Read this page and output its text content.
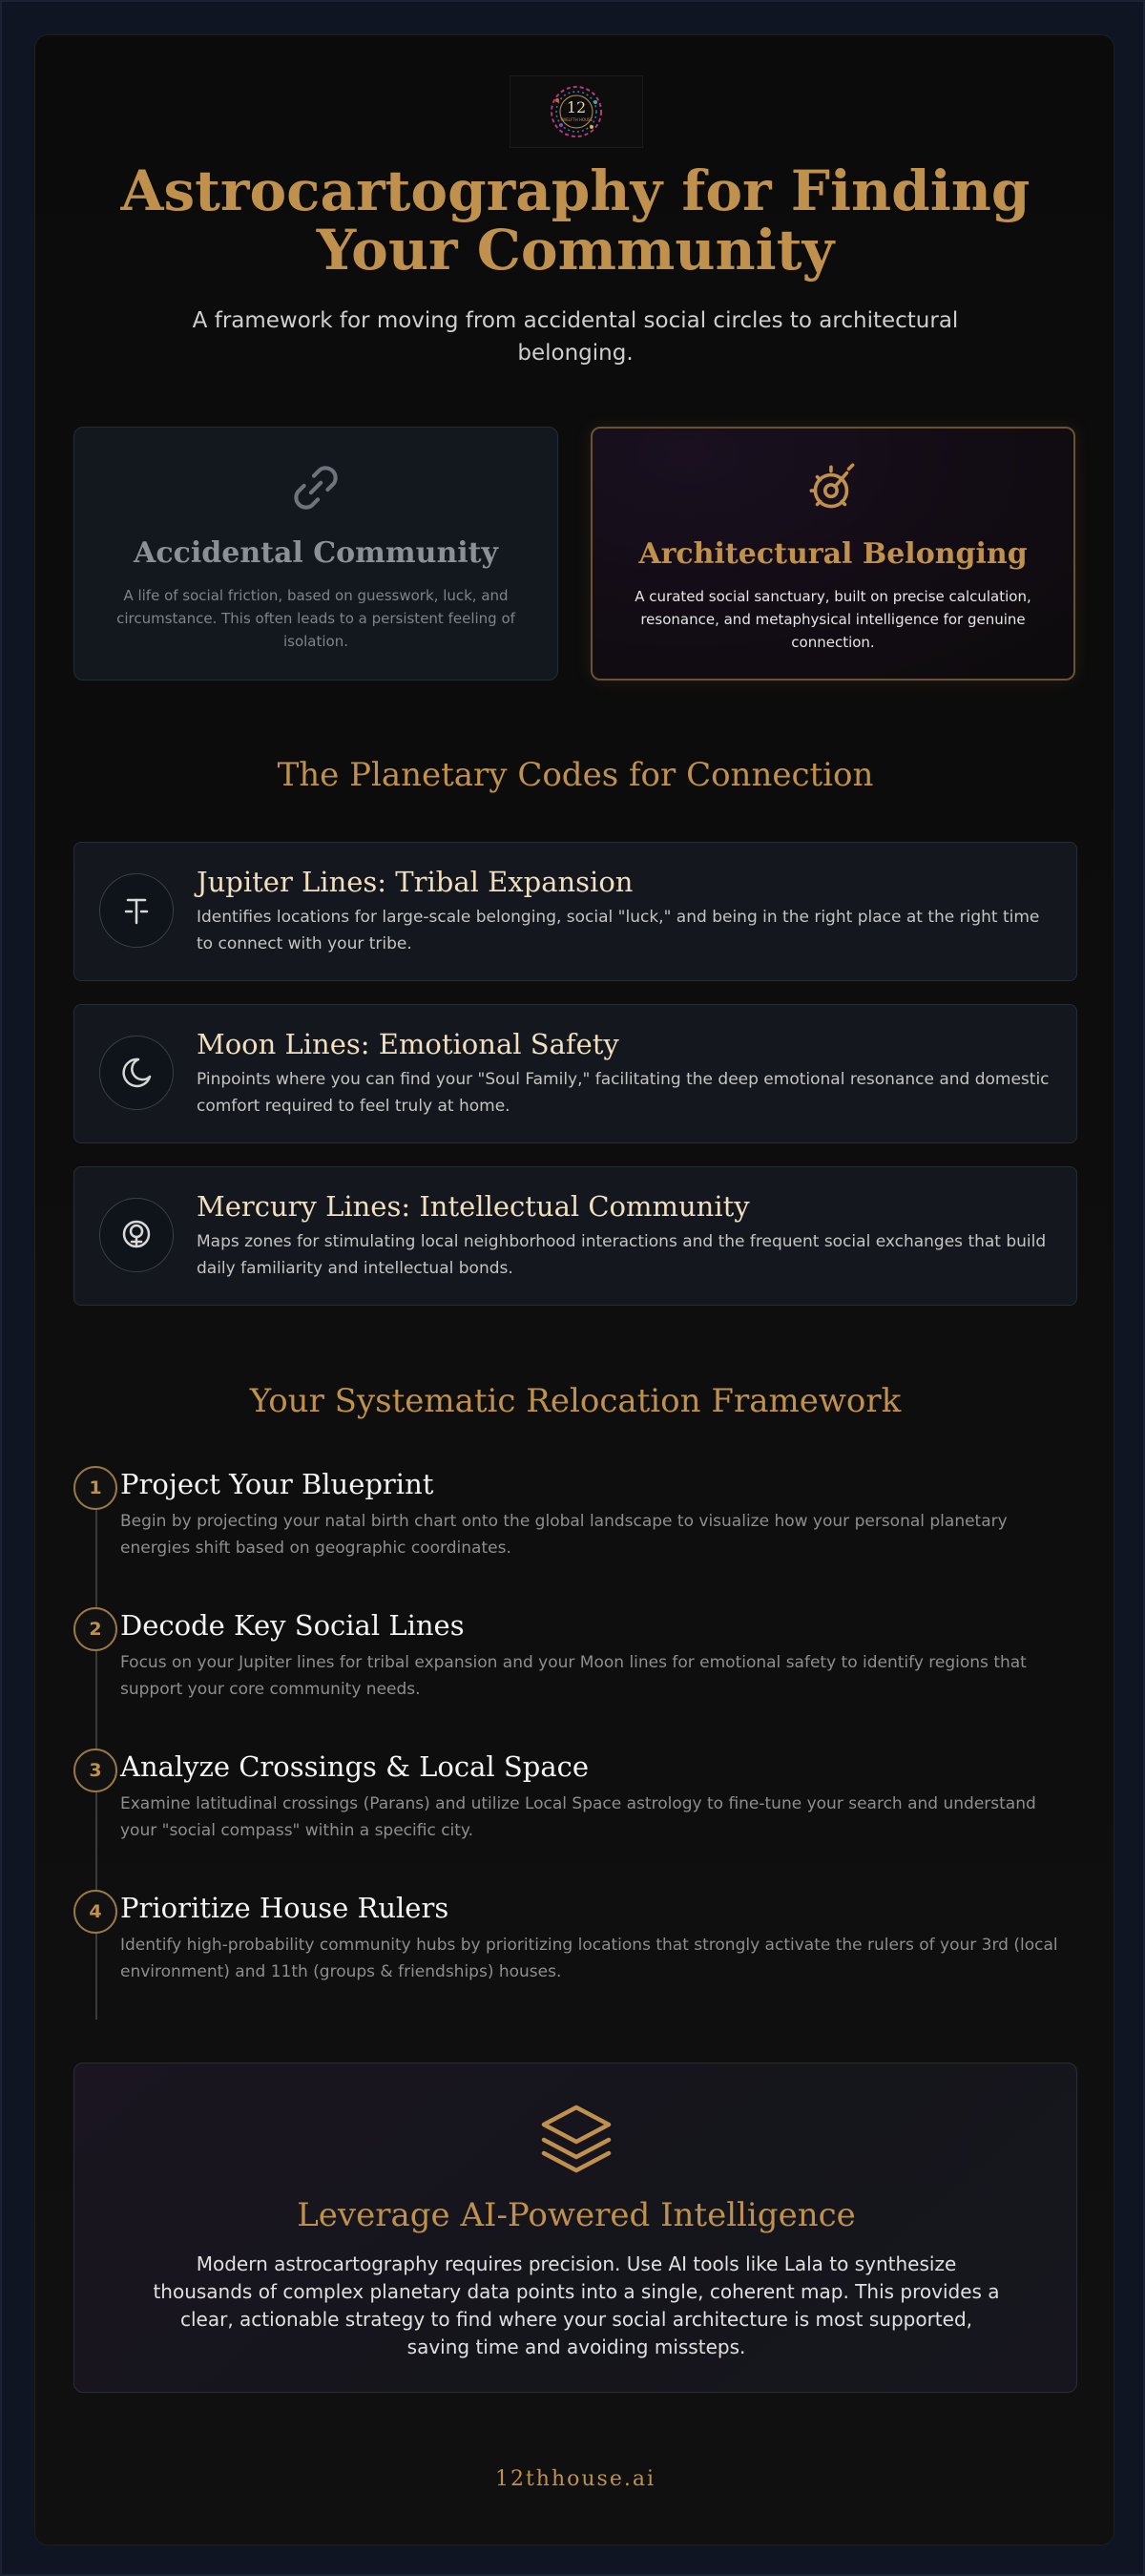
12
TWELFTH HOUSE
Astrocartography for Finding Your Community
A framework for moving from accidental social circles to architectural belonging.
Accidental Community
A life of social friction, based on guesswork, luck, and circumstance. This often leads to a persistent feeling of isolation.
Architectural Belonging
A curated social sanctuary, built on precise calculation, resonance, and metaphysical intelligence for genuine connection.
The Planetary Codes for Connection
Jupiter Lines: Tribal Expansion
Identifies locations for large-scale belonging, social "luck," and being in the right place at the right time to connect with your tribe.
Moon Lines: Emotional Safety
Pinpoints where you can find your "Soul Family," facilitating the deep emotional resonance and domestic comfort required to feel truly at home.
Mercury Lines: Intellectual Community
Maps zones for stimulating local neighborhood interactions and the frequent social exchanges that build daily familiarity and intellectual bonds.
Your Systematic Relocation Framework
1 Project Your Blueprint
Begin by projecting your natal birth chart onto the global landscape to visualize how your personal planetary energies shift based on geographic coordinates.
2 Decode Key Social Lines
Focus on your Jupiter lines for tribal expansion and your Moon lines for emotional safety to identify regions that support your core community needs.
3 Analyze Crossings & Local Space
Examine latitudinal crossings (Parans) and utilize Local Space astrology to fine-tune your search and understand your "social compass" within a specific city.
4 Prioritize House Rulers
Identify high-probability community hubs by prioritizing locations that strongly activate the rulers of your 3rd (local environment) and 11th (groups & friendships) houses.
Leverage AI-Powered Intelligence
Modern astrocartography requires precision. Use AI tools like Lala to synthesize thousands of complex planetary data points into a single, coherent map. This provides a clear, actionable strategy to find where your social architecture is most supported, saving time and avoiding missteps.
12thhouse.ai
